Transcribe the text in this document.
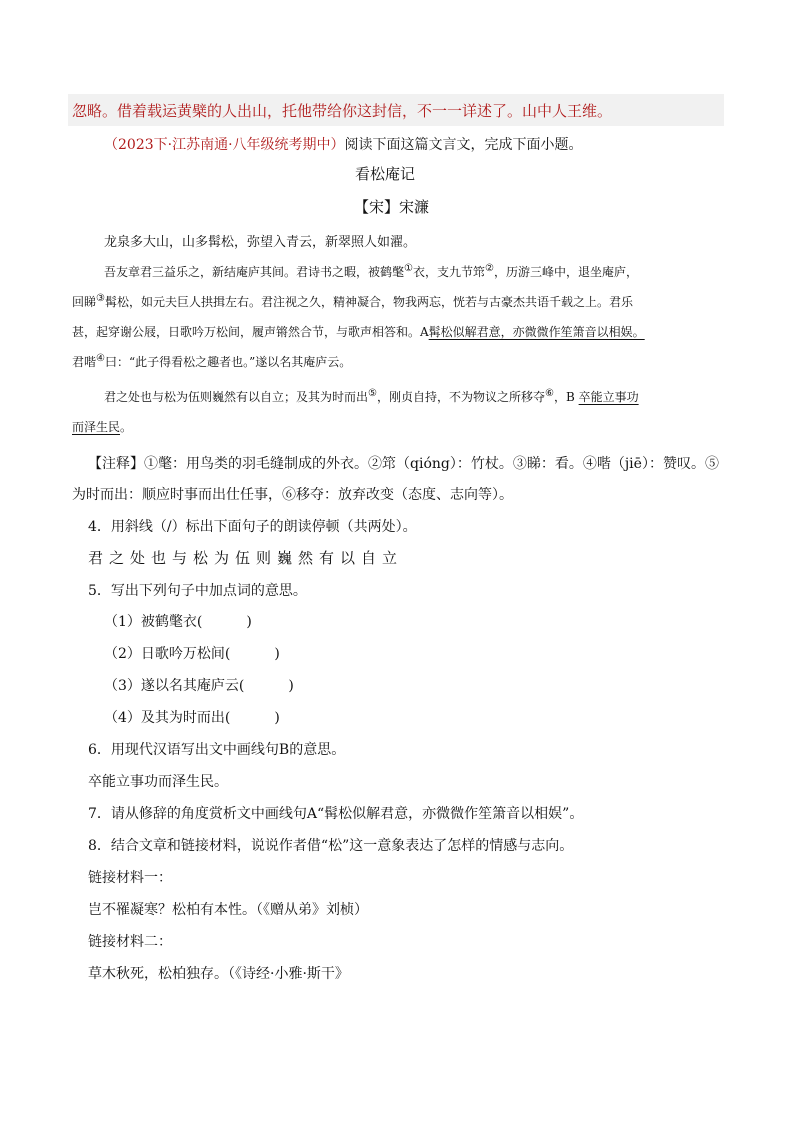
忽略。借着载运黄檗的人出山，托他带给你这封信，不一一详述了。山中人王维。
（2023下·江苏南通·八年级统考期中）阅读下面这篇文言文，完成下面小题。
看松庵记
【宋】宋濂
龙泉多大山，山多髯松，弥望入青云，新翠照人如濯。
吾友章君三益乐之，新结庵庐其间。君诗书之暇，被鹤氅①衣，支九节筇②，历游三峰中，退坐庵庐，
回睇③髯松，如元夫巨人拱揖左右。君注视之久，精神凝合，物我两忘，恍若与古豪杰共语千载之上。君乐
甚，起穿谢公屐，日歌吟万松间，履声锵然合节，与歌声相答和。A髯松似解君意，亦微微作笙箫音以相娱。
君喈④曰：“此子得看松之趣者也。”遂以名其庵庐云。
君之处也与松为伍则巍然有以自立；及其为时而出⑤，刚贞自持，不为物议之所移夺⑥，B 卒能立事功
而泽生民。
【注释】①氅：用鸟类的羽毛缝制成的外衣。②筇（qióng）：竹杖。③睇：看。④喈（jiē）：赞叹。⑤
为时而出：顺应时事而出仕任事，⑥移夺：放弃改变（态度、志向等）。
4．用斜线（/）标出下面句子的朗读停顿（共两处）。
君之处也与松为伍则巍然有以自立
5．写出下列句子中加点词的意思。
（1）被鹤氅衣(	)
（2）日歌吟万松间(	)
（3）遂以名其庵庐云(	)
（4）及其为时而出(	)
6．用现代汉语写出文中画线句B的意思。
卒能立事功而泽生民。
7．请从修辞的角度赏析文中画线句A“髯松似解君意，亦微微作笙箫音以相娱”。
8．结合文章和链接材料，说说作者借“松”这一意象表达了怎样的情感与志向。
链接材料一：
岂不罹凝寒？松柏有本性。（《赠从弟》刘桢）
链接材料二：
草木秋死，松柏独存。（《诗经·小雅·斯干》
